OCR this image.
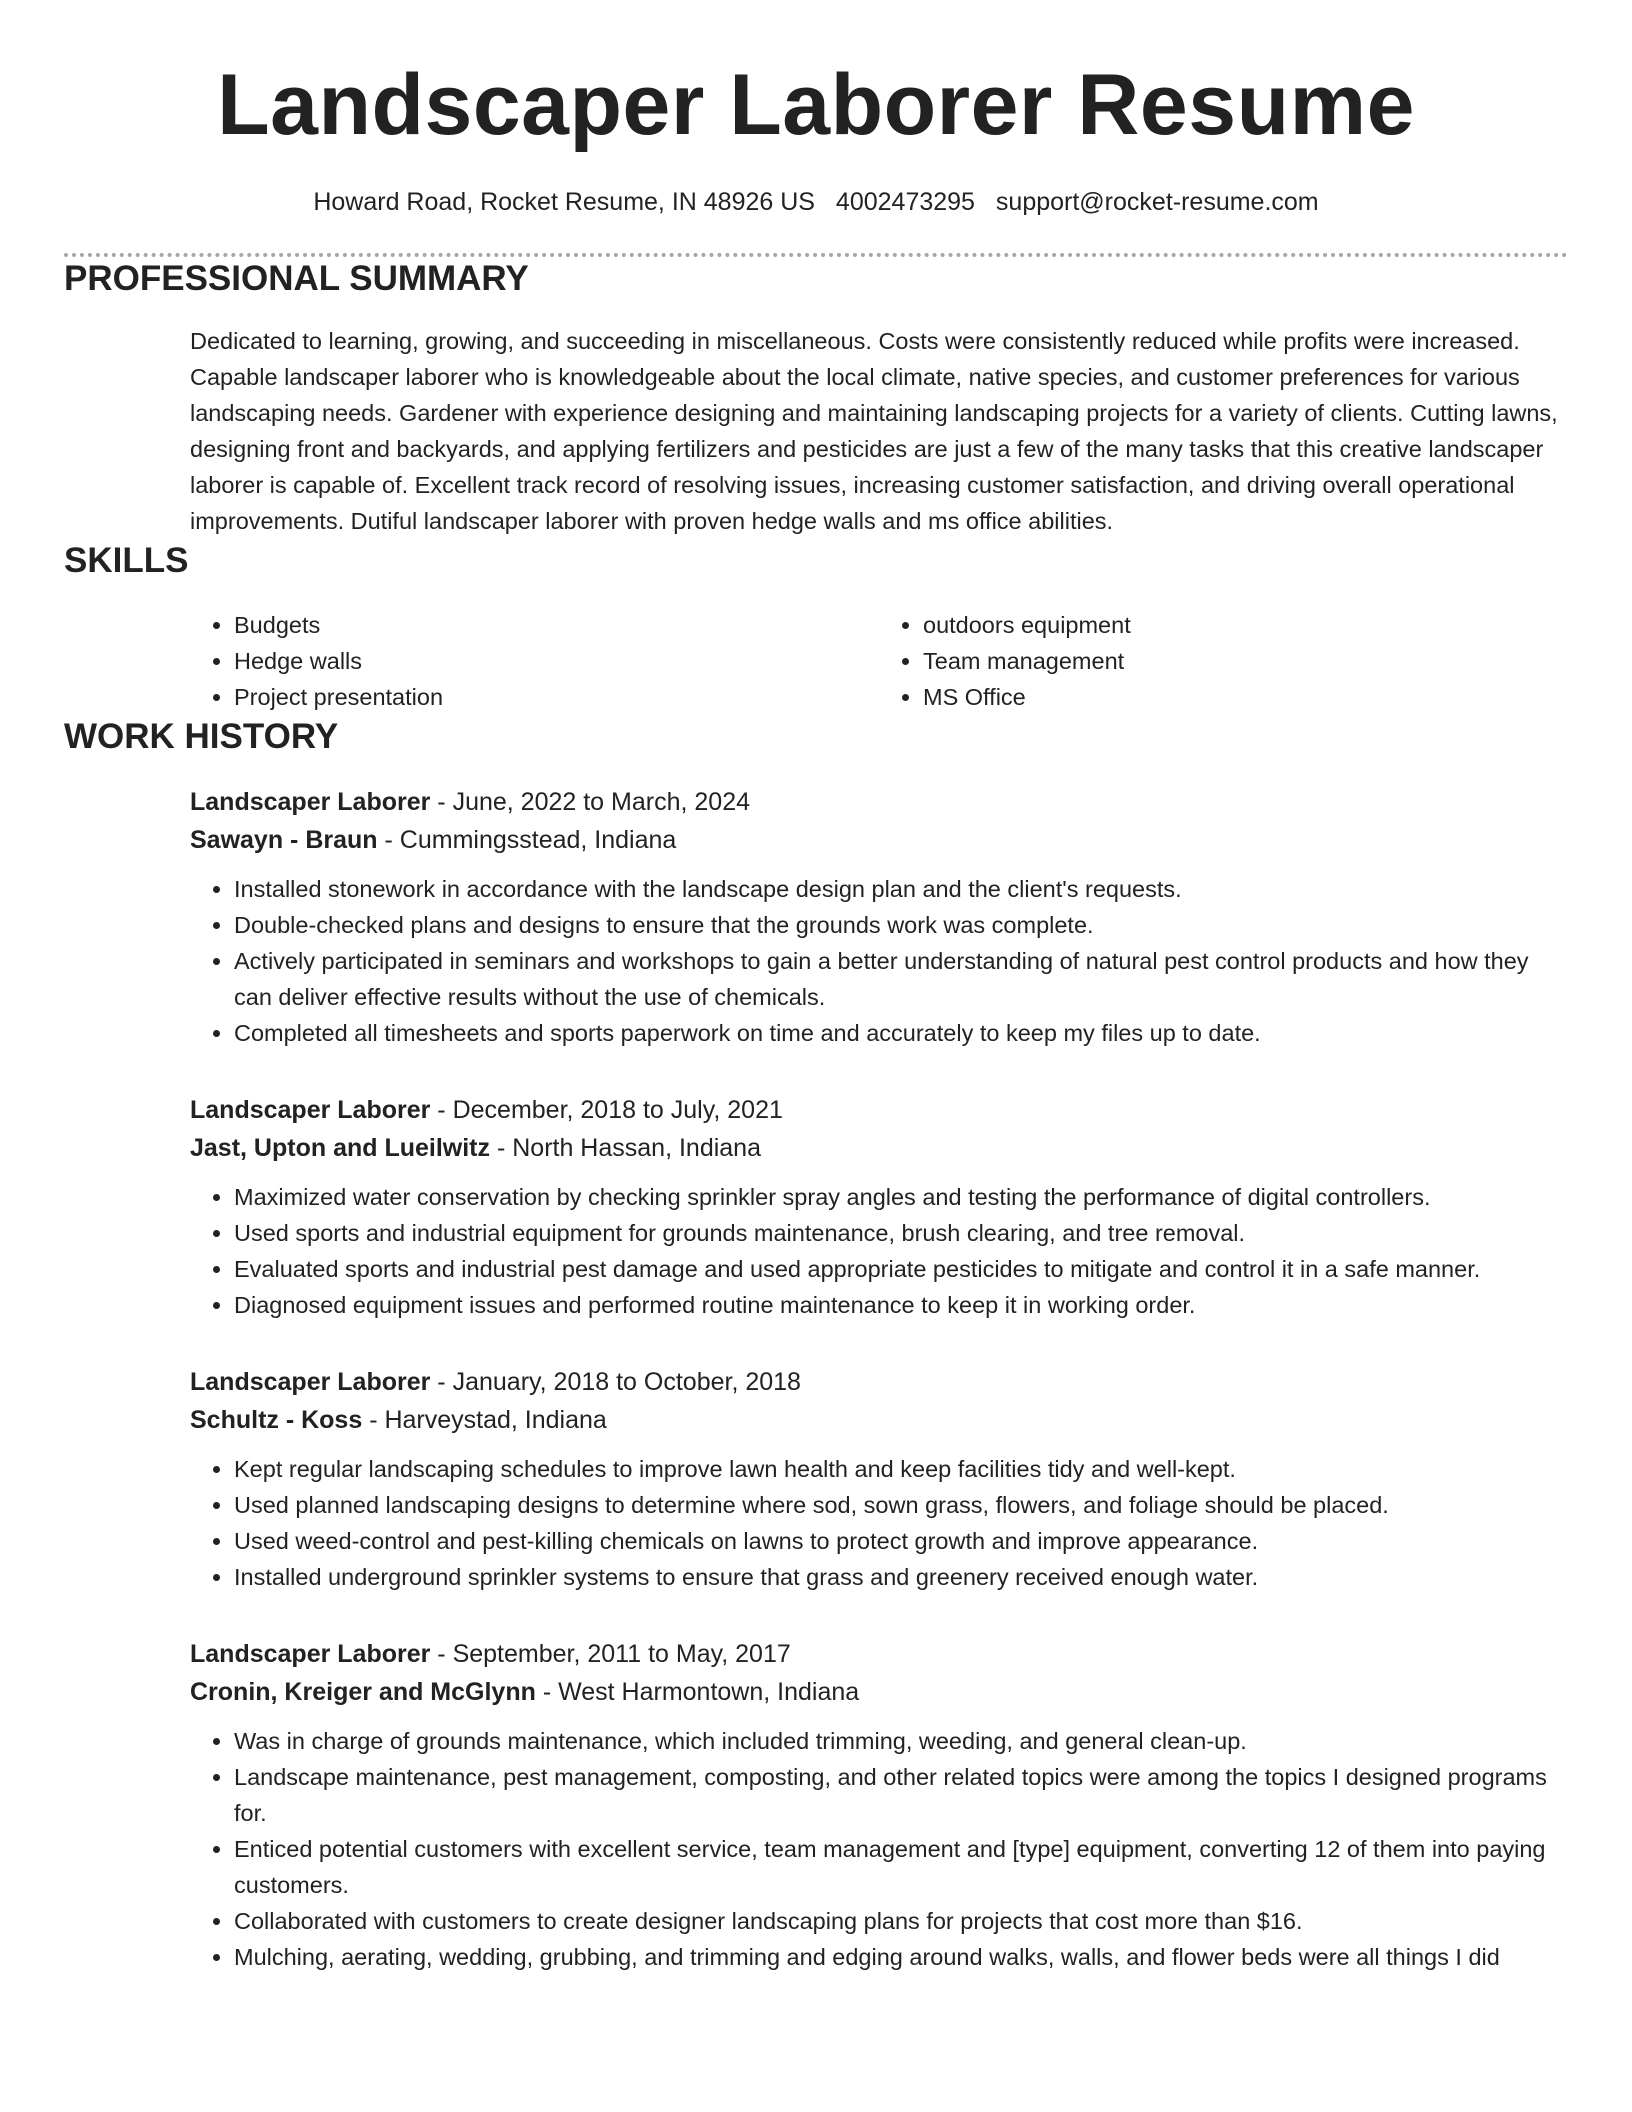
Landscaper Laborer Resume
Howard Road, Rocket Resume, IN 48926 US 4002473295 support@rocket-resume.com
PROFESSIONAL SUMMARY
Dedicated to learning, growing, and succeeding in miscellaneous. Costs were consistently reduced while profits were increased. Capable landscaper laborer who is knowledgeable about the local climate, native species, and customer preferences for various landscaping needs. Gardener with experience designing and maintaining landscaping projects for a variety of clients. Cutting lawns, designing front and backyards, and applying fertilizers and pesticides are just a few of the many tasks that this creative landscaper laborer is capable of. Excellent track record of resolving issues, increasing customer satisfaction, and driving overall operational improvements. Dutiful landscaper laborer with proven hedge walls and ms office abilities.
SKILLS
• Budgets
• Hedge walls
• Project presentation
• outdoors equipment
• Team management
• MS Office
WORK HISTORY
Landscaper Laborer - June, 2022 to March, 2024
Sawayn - Braun - Cummingsstead, Indiana
• Installed stonework in accordance with the landscape design plan and the client's requests.
• Double-checked plans and designs to ensure that the grounds work was complete.
• Actively participated in seminars and workshops to gain a better understanding of natural pest control products and how they can deliver effective results without the use of chemicals.
• Completed all timesheets and sports paperwork on time and accurately to keep my files up to date.
Landscaper Laborer - December, 2018 to July, 2021
Jast, Upton and Lueilwitz - North Hassan, Indiana
• Maximized water conservation by checking sprinkler spray angles and testing the performance of digital controllers.
• Used sports and industrial equipment for grounds maintenance, brush clearing, and tree removal.
• Evaluated sports and industrial pest damage and used appropriate pesticides to mitigate and control it in a safe manner.
• Diagnosed equipment issues and performed routine maintenance to keep it in working order.
Landscaper Laborer - January, 2018 to October, 2018
Schultz - Koss - Harveystad, Indiana
• Kept regular landscaping schedules to improve lawn health and keep facilities tidy and well-kept.
• Used planned landscaping designs to determine where sod, sown grass, flowers, and foliage should be placed.
• Used weed-control and pest-killing chemicals on lawns to protect growth and improve appearance.
• Installed underground sprinkler systems to ensure that grass and greenery received enough water.
Landscaper Laborer - September, 2011 to May, 2017
Cronin, Kreiger and McGlynn - West Harmontown, Indiana
• Was in charge of grounds maintenance, which included trimming, weeding, and general clean-up.
• Landscape maintenance, pest management, composting, and other related topics were among the topics I designed programs for.
• Enticed potential customers with excellent service, team management and [type] equipment, converting 12 of them into paying customers.
• Collaborated with customers to create designer landscaping plans for projects that cost more than $16.
• Mulching, aerating, wedding, grubbing, and trimming and edging around walks, walls, and flower beds were all things I did
